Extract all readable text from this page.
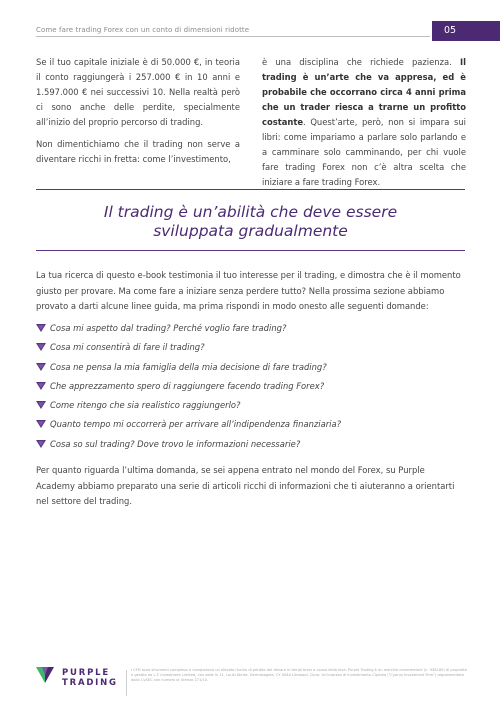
Come fare trading Forex con un conto di dimensioni ridotte	05

Se il tuo capitale iniziale è di 50.000 €, in teoria il conto raggiungerà i 257.000 € in 10 anni e 1.597.000 € nei successivi 10. Nella realtà però ci sono anche delle perdite, specialmente all’inizio del proprio percorso di trading.

Non dimentichiamo che il trading non serve a diventare ricchi in fretta: come l’investimento,

è una disciplina che richiede pazienza. Il trading è un’arte che va appresa, ed è probabile che occorrano circa 4 anni prima che un trader riesca a trarne un profitto costante. Quest’arte, però, non si impara sui libri: come impariamo a parlare solo parlando e a camminare solo camminando, per chi vuole fare trading Forex non c’è altra scelta che iniziare a fare trading Forex.

Il trading è un’abilità che deve essere
sviluppata gradualmente

La tua ricerca di questo e-book testimonia il tuo interesse per il trading, e dimostra che è il momento giusto per provare. Ma come fare a iniziare senza perdere tutto? Nella prossima sezione abbiamo provato a darti alcune linee guida, ma prima rispondi in modo onesto alle seguenti domande:

Cosa mi aspetto dal trading? Perché voglio fare trading?
Cosa mi consentirà di fare il trading?
Cosa ne pensa la mia famiglia della mia decisione di fare trading?
Che apprezzamento spero di raggiungere facendo trading Forex?
Come ritengo che sia realistico raggiungerlo?
Quanto tempo mi occorrerà per arrivare all’indipendenza finanziaria?
Cosa so sul trading? Dove trovo le informazioni necessarie?

Per quanto riguarda l’ultima domanda, se sei appena entrato nel mondo del Forex, su Purple Academy abbiamo preparato una serie di articoli ricchi di informazioni che ti aiuteranno a orientarti nel settore del trading.

PURPLE
TRADING
I CFD sono strumenti complessi e comportano un elevato rischio di perdita del denaro in tempi brevi a causa della leva. Purple Trading è un marchio commerciale (n. 938180) di proprietà e gestito da L.F. Investment Limited, con sede in 11, Louki Akrita, Germasogeia, CY 4044 Limassol, Cipro. Un'impresa di investimento Cipriota ("Cyprus Investment Firm") regolamentata dalla CySEC con numero di licenza 271/15.
